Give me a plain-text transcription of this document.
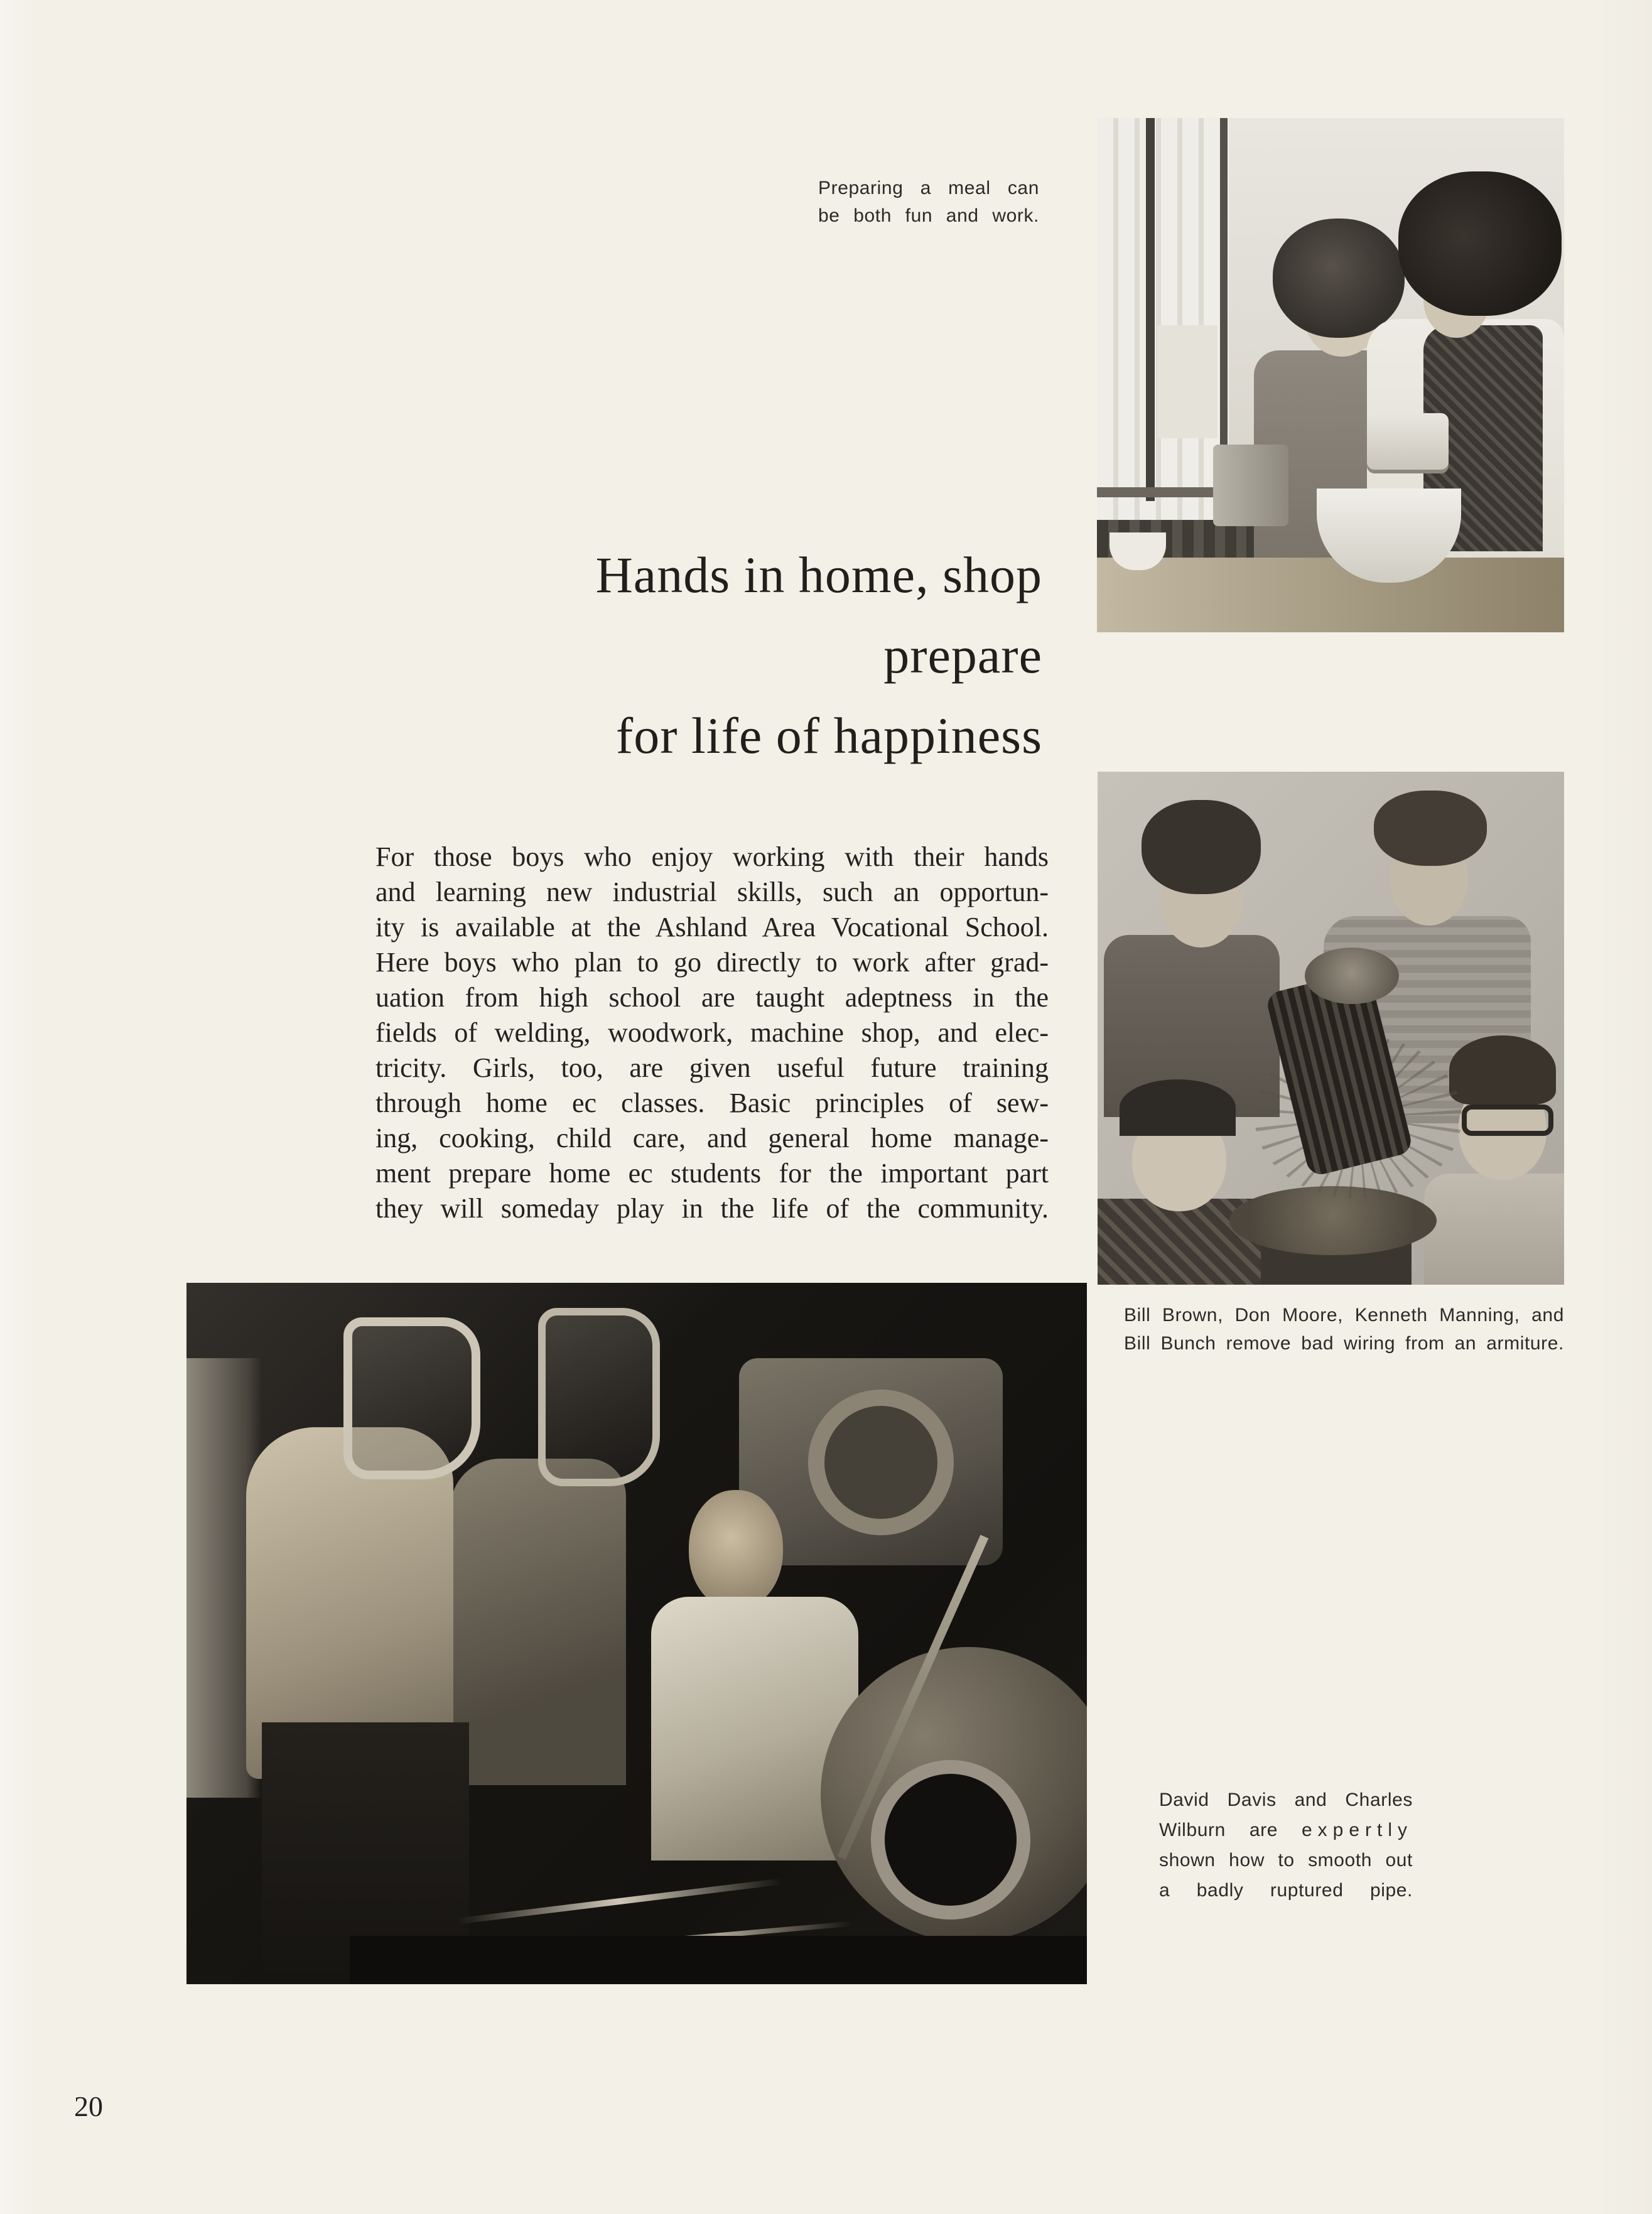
Preparing a meal can
be both fun and work.
Hands in home, shop
prepare
for life of happiness
For those boys who enjoy working with their hands
and learning new industrial skills, such an opportun-
ity is available at the Ashland Area Vocational School.
Here boys who plan to go directly to work after grad-
uation from high school are taught adeptness in the
fields of welding, woodwork, machine shop, and elec-
tricity. Girls, too, are given useful future training
through home ec classes. Basic principles of sew-
ing, cooking, child care, and general home manage-
ment prepare home ec students for the important part
they will someday play in the life of the community.
Bill Brown, Don Moore, Kenneth Manning, and
Bill Bunch remove bad wiring from an armiture.
David Davis and Charles
Wilburn are expertly
shown how to smooth out
a badly ruptured pipe.
20
